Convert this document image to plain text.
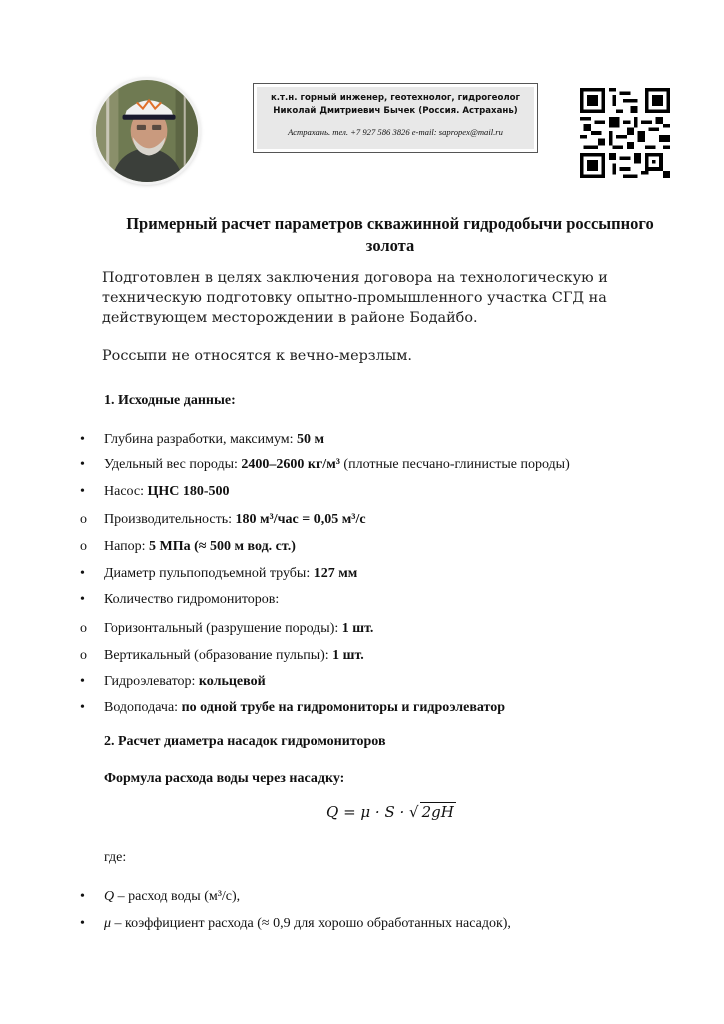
к.т.н. горный инженер, геотехнолог, гидрогеолог
Николай Дмитриевич Бычек (Россия. Астрахань)
Астрахань. тел. +7 927 586 3826 e-mail: sapropex@mail.ru
Примерный расчет параметров скважинной гидродобычи россыпного золота
Подготовлен в целях заключения договора на технологическую и техническую подготовку опытно-промышленного участка СГД на действующем месторождении в районе Бодайбо.
Россыпи не относятся к вечно-мерзлым.
1. Исходные данные:
•	Глубина разработки, максимум: 50 м
•	Удельный вес породы: 2400–2600 кг/м³ (плотные песчано-глинистые породы)
•	Насос: ЦНС 180-500
o	Производительность: 180 м³/час = 0,05 м³/с
o	Напор: 5 МПа (≈ 500 м вод. ст.)
•	Диаметр пульпоподъемной трубы: 127 мм
•	Количество гидромониторов:
o	Горизонтальный (разрушение породы): 1 шт.
o	Вертикальный (образование пульпы): 1 шт.
•	Гидроэлеватор: кольцевой
•	Водоподача: по одной трубе на гидромониторы и гидроэлеватор
2. Расчет диаметра насадок гидромониторов
Формула расхода воды через насадку:
Q = μ · S · √ 2gH
где:
•	Q – расход воды (м³/с),
•	μ – коэффициент расхода (≈ 0,9 для хорошо обработанных насадок),
